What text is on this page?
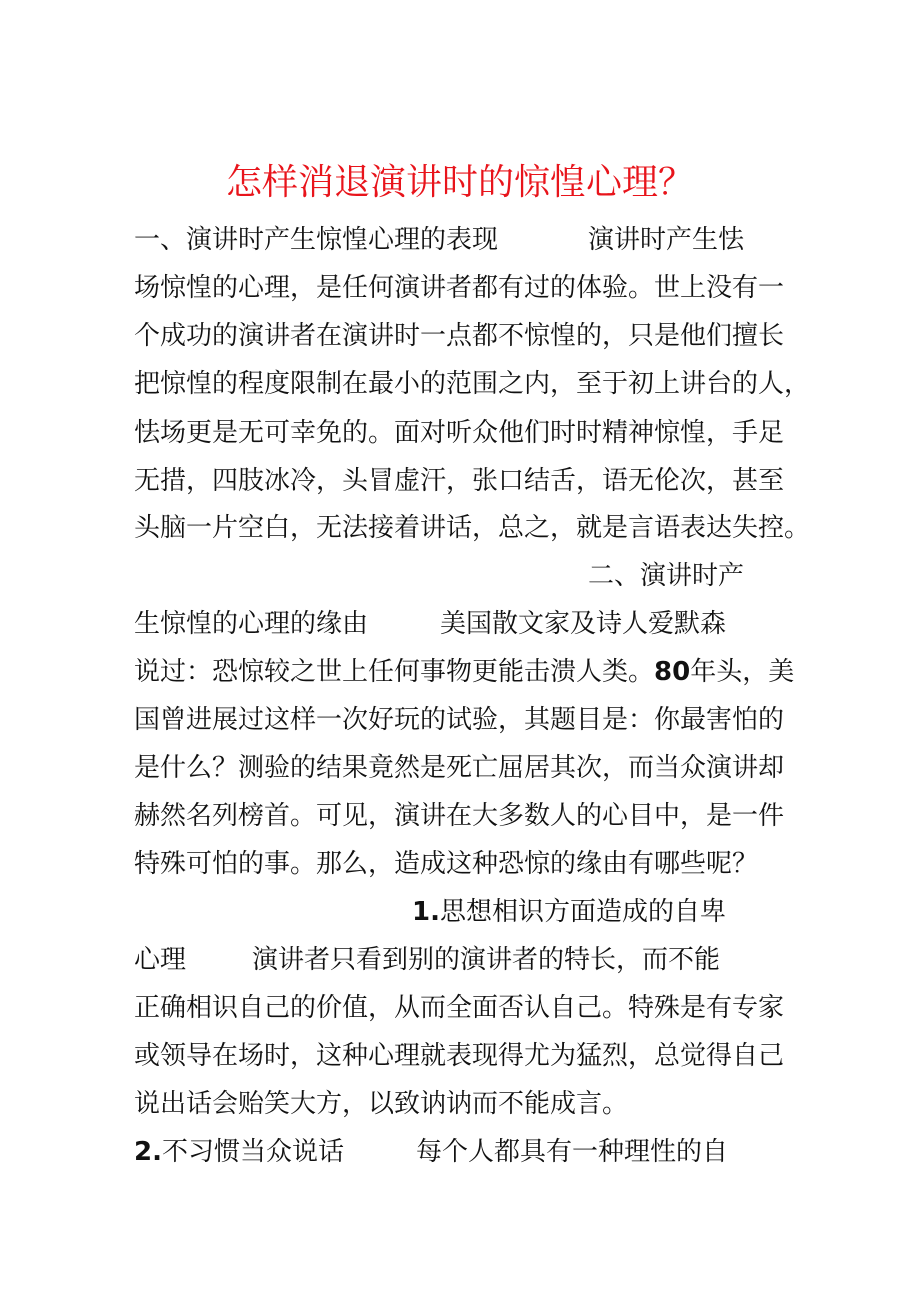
怎样消退演讲时的惊惶心理？
一、演讲时产生惊惶心理的表现	演讲时产生怯
场惊惶的心理，是任何演讲者都有过的体验。世上没有一
个成功的演讲者在演讲时一点都不惊惶的，只是他们擅长
把惊惶的程度限制在最小的范围之内，至于初上讲台的人，
怯场更是无可幸免的。面对听众他们时时精神惊惶，手足
无措，四肢冰冷，头冒虚汗，张口结舌，语无伦次，甚至
头脑一片空白，无法接着讲话，总之，就是言语表达失控。
二、演讲时产
生惊惶的心理的缘由	美国散文家及诗人爱默森
说过：恐惊较之世上任何事物更能击溃人类。80年头，美
国曾进展过这样一次好玩的试验，其题目是：你最害怕的
是什么？测验的结果竟然是死亡屈居其次，而当众演讲却
赫然名列榜首。可见，演讲在大多数人的心目中，是一件
特殊可怕的事。那么，造成这种恐惊的缘由有哪些呢？
1.思想相识方面造成的自卑
心理	演讲者只看到别的演讲者的特长，而不能
正确相识自己的价值，从而全面否认自己。特殊是有专家
或领导在场时，这种心理就表现得尤为猛烈，总觉得自己
说出话会贻笑大方，以致讷讷而不能成言。
2.不习惯当众说话	每个人都具有一种理性的自
